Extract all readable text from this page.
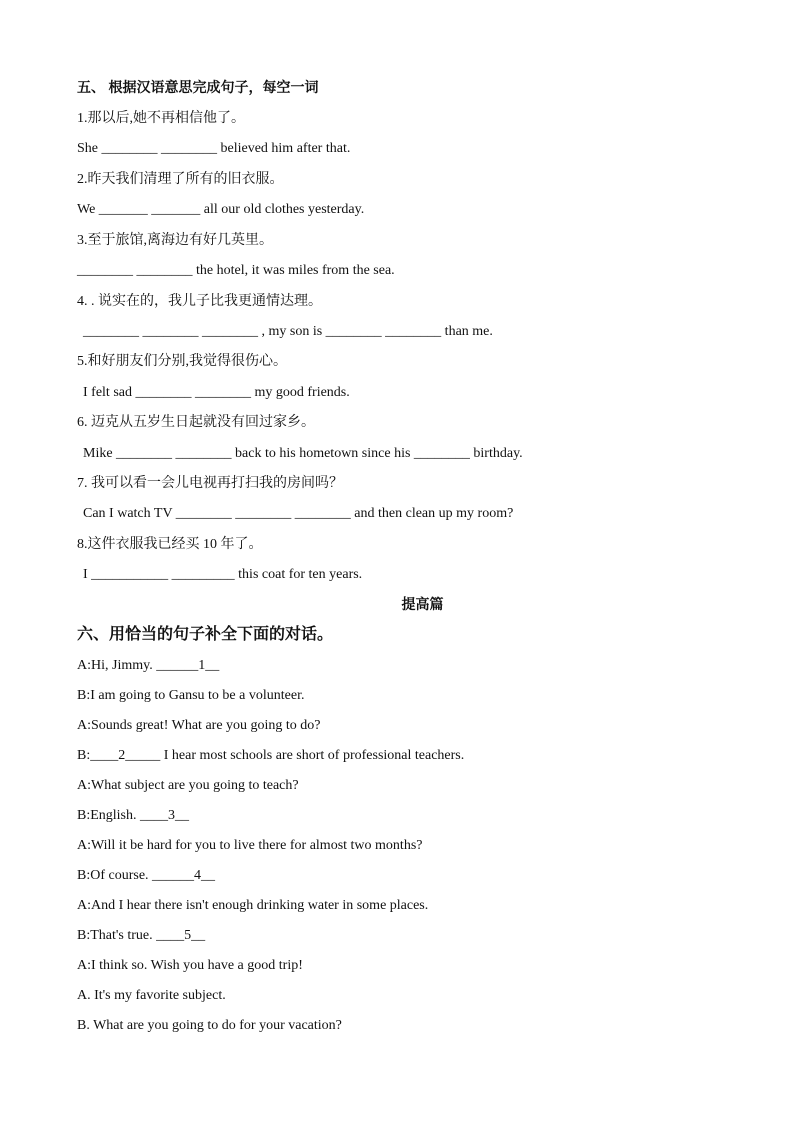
五、 根据汉语意思完成句子，每空一词
1.那以后,她不再相信他了。
She ________ ________ believed him after that.
2.昨天我们清理了所有的旧衣服。
We _______ _______ all our old clothes yesterday.
3.至于旅馆,离海边有好几英里。
________ ________ the hotel, it was miles from the sea.
4. . 说实在的，我儿子比我更通情达理。
________ ________ ________ , my son is ________ ________ than me.
5.和好朋友们分别,我觉得很伤心。
I felt sad ________ ________ my good friends.
6. 迈克从五岁生日起就没有回过家乡。
Mike ________ ________ back to his hometown since his ________ birthday.
7. 我可以看一会儿电视再打扫我的房间吗？
Can I watch TV ________ ________ ________ and then clean up my room?
8.这件衣服我已经买 10 年了。
I ___________ _________ this coat for ten years.
提高篇
六、用恰当的句子补全下面的对话。
A:Hi, Jimmy. ______1__
B:I am going to Gansu to be a volunteer.
A:Sounds great! What are you going to do?
B:____2_____ I hear most schools are short of professional teachers.
A:What subject are you going to teach?
B:English. ____3__
A:Will it be hard for you to live there for almost two months?
B:Of course. ______4__
A:And I hear there isn't enough drinking water in some places.
B:That's true. ____5__
A:I think so. Wish you have a good trip!
A. It's my favorite subject.
B. What are you going to do for your vacation?
